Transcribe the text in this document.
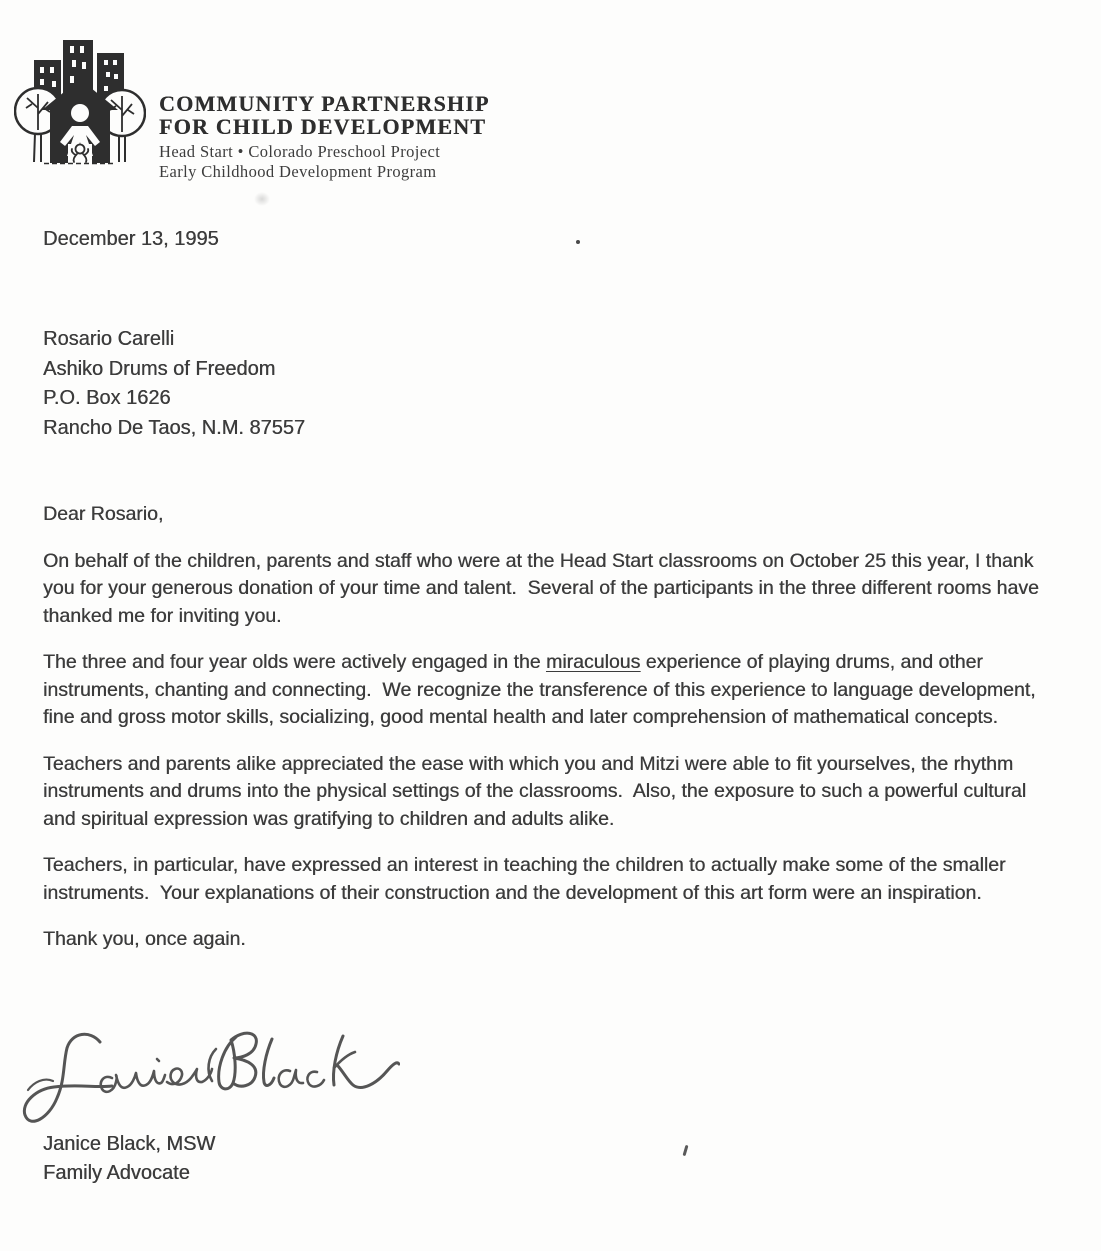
COMMUNITY PARTNERSHIP
FOR CHILD DEVELOPMENT
Head Start • Colorado Preschool Project
Early Childhood Development Program
December 13, 1995
Rosario Carelli
Ashiko Drums of Freedom
P.O. Box 1626
Rancho De Taos, N.M. 87557

Dear Rosario,

On behalf of the children, parents and staff who were at the Head Start classrooms on October 25 this year, I thank you for your generous donation of your time and talent.  Several of the participants in the three different rooms have thanked me for inviting you.

The three and four year olds were actively engaged in the miraculous experience of playing drums, and other instruments, chanting and connecting.  We recognize the transference of this experience to language development, fine and gross motor skills, socializing, good mental health and later comprehension of mathematical concepts.

Teachers and parents alike appreciated the ease with which you and Mitzi were able to fit yourselves, the rhythm instruments and drums into the physical settings of the classrooms.  Also, the exposure to such a powerful cultural and spiritual expression was gratifying to children and adults alike.

Teachers, in particular, have expressed an interest in teaching the children to actually make some of the smaller instruments.  Your explanations of their construction and the development of this art form were an inspiration.

Thank you, once again.

Janice Black, MSW
Family Advocate
